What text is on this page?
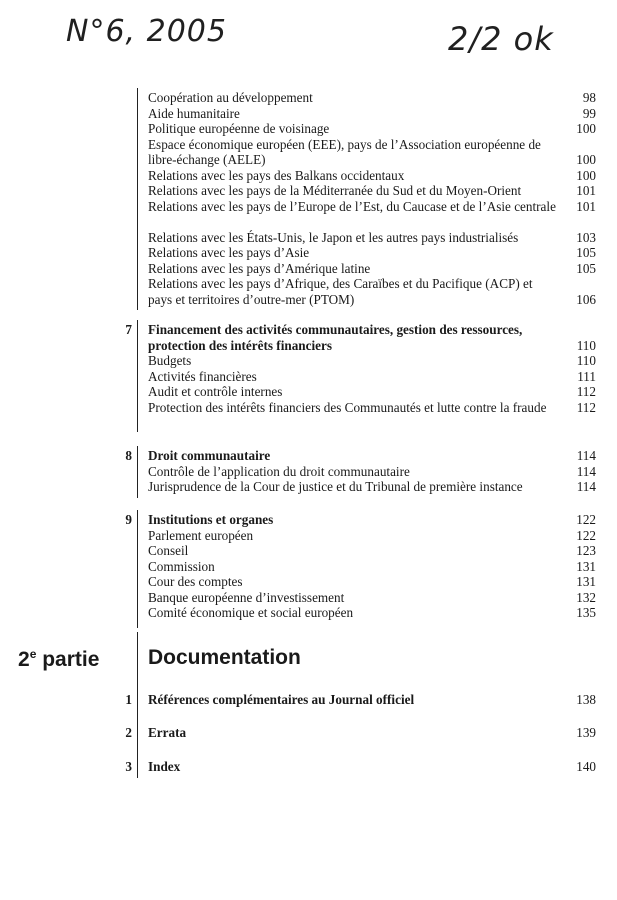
N°6, 2005	2/2 ok
Coopération au développement	98
Aide humanitaire	99
Politique européenne de voisinage	100
Espace économique européen (EEE), pays de l’Association européenne de libre-échange (AELE)	100
Relations avec les pays des Balkans occidentaux	100
Relations avec les pays de la Méditerranée du Sud et du Moyen-Orient	101
Relations avec les pays de l’Europe de l’Est, du Caucase et de l’Asie centrale	101
Relations avec les États-Unis, le Japon et les autres pays industrialisés	103
Relations avec les pays d’Asie	105
Relations avec les pays d’Amérique latine	105
Relations avec les pays d’Afrique, des Caraïbes et du Pacifique (ACP) et pays et territoires d’outre-mer (PTOM)	106
7 Financement des activités communautaires, gestion des ressources, protection des intérêts financiers	110
Budgets	110
Activités financières	111
Audit et contrôle internes	112
Protection des intérêts financiers des Communautés et lutte contre la fraude	112
8 Droit communautaire	114
Contrôle de l’application du droit communautaire	114
Jurisprudence de la Cour de justice et du Tribunal de première instance	114
9 Institutions et organes	122
Parlement européen	122
Conseil	123
Commission	131
Cour des comptes	131
Banque européenne d’investissement	132
Comité économique et social européen	135
2e partie Documentation
1 Références complémentaires au Journal officiel	138
2 Errata	139
3 Index	140
